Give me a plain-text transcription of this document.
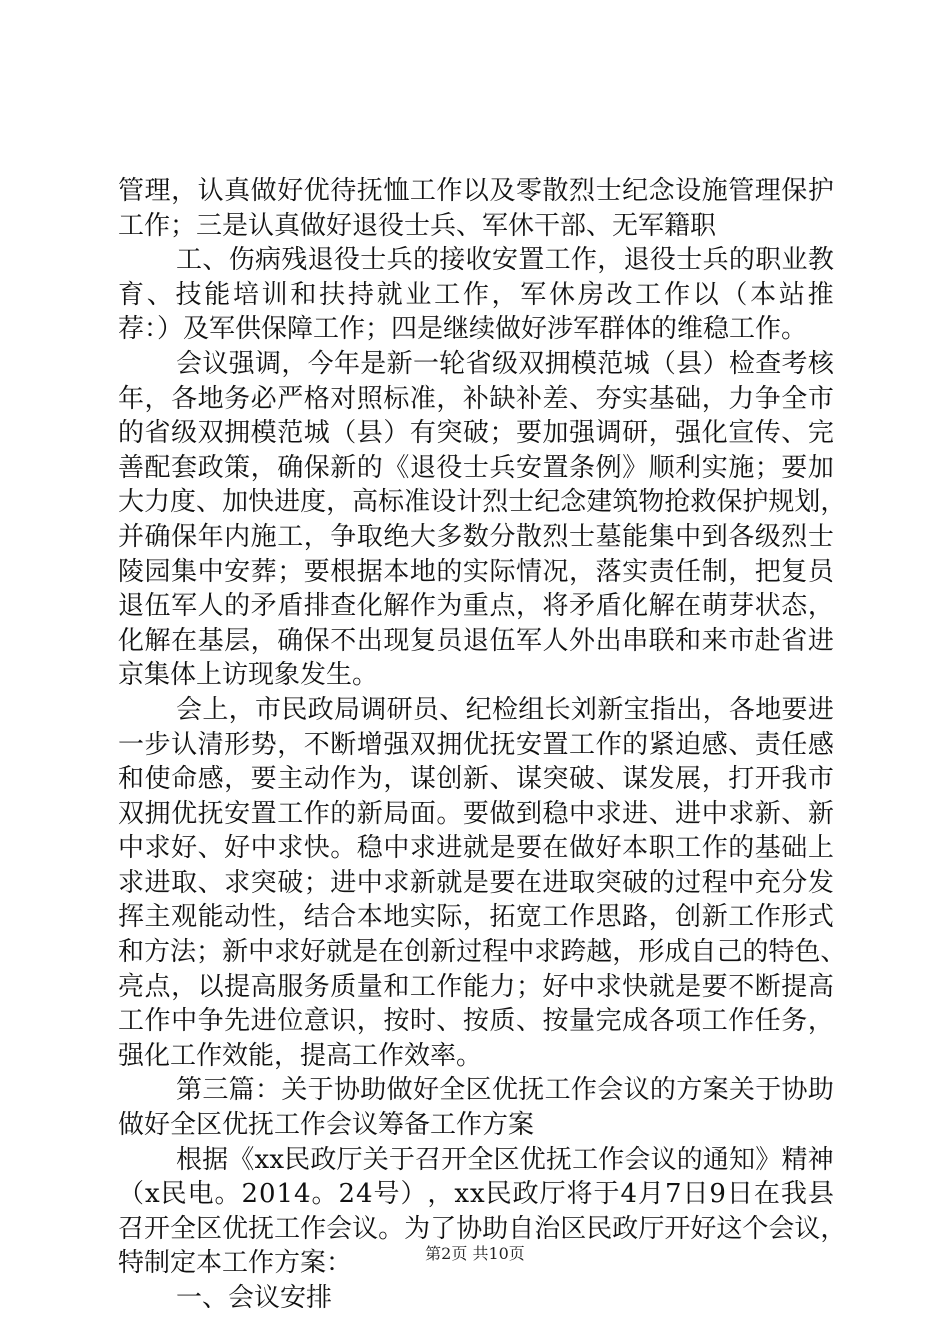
管 理 ， 认 真 做 好 优 待 抚 恤 工 作 以 及 零 散 烈 士 纪 念 设 施 管 理 保 护
工作；三是认真做好退役士兵、军休干部、无军籍职
工 、 伤 病 残 退 役 士 兵 的 接 收 安 置 工 作 ， 退 役 士 兵 的 职 业 教
育 、 技 能 培 训 和 扶 持 就 业 工 作 ， 军 休 房 改 工 作 以 （ 本 站 推
荐：）及军供保障工作；四是继续做好涉军群体的维稳工作。
会 议 强 调 ， 今 年 是 新 一 轮 省 级 双 拥 模 范 城 （ 县 ） 检 查 考 核
年 ， 各 地 务 必 严 格 对 照 标 准 ， 补 缺 补 差 、 夯 实 基 础 ， 力 争 全 市
的 省 级 双 拥 模 范 城 （ 县 ） 有 突 破 ； 要 加 强 调 研 ， 强 化 宣 传 、 完
善 配 套 政 策 ， 确 保 新 的 《 退 役 士 兵 安 置 条 例 》 顺 利 实 施 ； 要 加
大 力 度 、 加 快 进 度 ， 高 标 准 设 计 烈 士 纪 念 建 筑 物 抢 救 保 护 规 划 ，
并 确 保 年 内 施 工 ， 争 取 绝 大 多 数 分 散 烈 士 墓 能 集 中 到 各 级 烈 士
陵 园 集 中 安 葬 ； 要 根 据 本 地 的 实 际 情 况 ， 落 实 责 任 制 ， 把 复 员
退 伍 军 人 的 矛 盾 排 查 化 解 作 为 重 点 ， 将 矛 盾 化 解 在 萌 芽 状 态 ，
化 解 在 基 层 ， 确 保 不 出 现 复 员 退 伍 军 人 外 出 串 联 和 来 市 赴 省 进
京集体上访现象发生。
会 上 ， 市 民 政 局 调 研 员 、 纪 检 组 长 刘 新 宝 指 出 ， 各 地 要 进
一 步 认 清 形 势 ， 不 断 增 强 双 拥 优 抚 安 置 工 作 的 紧 迫 感 、 责 任 感
和 使 命 感 ， 要 主 动 作 为 ， 谋 创 新 、 谋 突 破 、 谋 发 展 ， 打 开 我 市
双 拥 优 抚 安 置 工 作 的 新 局 面 。 要 做 到 稳 中 求 进 、 进 中 求 新 、 新
中 求 好 、 好 中 求 快 。 稳 中 求 进 就 是 要 在 做 好 本 职 工 作 的 基 础 上
求 进 取 、 求 突 破 ； 进 中 求 新 就 是 要 在 进 取 突 破 的 过 程 中 充 分 发
挥 主 观 能 动 性 ， 结 合 本 地 实 际 ， 拓 宽 工 作 思 路 ， 创 新 工 作 形 式
和 方 法 ； 新 中 求 好 就 是 在 创 新 过 程 中 求 跨 越 ， 形 成 自 己 的 特 色 、
亮 点 ， 以 提 高 服 务 质 量 和 工 作 能 力 ； 好 中 求 快 就 是 要 不 断 提 高
工 作 中 争 先 进 位 意 识 ， 按 时 、 按 质 、 按 量 完 成 各 项 工 作 任 务 ，
强化工作效能，提高工作效率。
第 三 篇 ： 关 于 协 助 做 好 全 区 优 抚 工 作 会 议 的 方 案 关 于 协 助
做好全区优抚工作会议筹备工作方案
根 据 《 x x 民 政 厅 关 于 召 开 全 区 优 抚 工 作 会 议 的 通 知 》 精 神
（ x 民 电 。 2 0 1 4 。 2 4 号 ） ， x x 民 政 厅 将 于 4 月 7 日 9 日 在 我 县
召 开 全 区 优 抚 工 作 会 议 。 为 了 协 助 自 治 区 民 政 厅 开 好 这 个 会 议 ，
特制定本工作方案：
一、会议安排
第2页 共10页
